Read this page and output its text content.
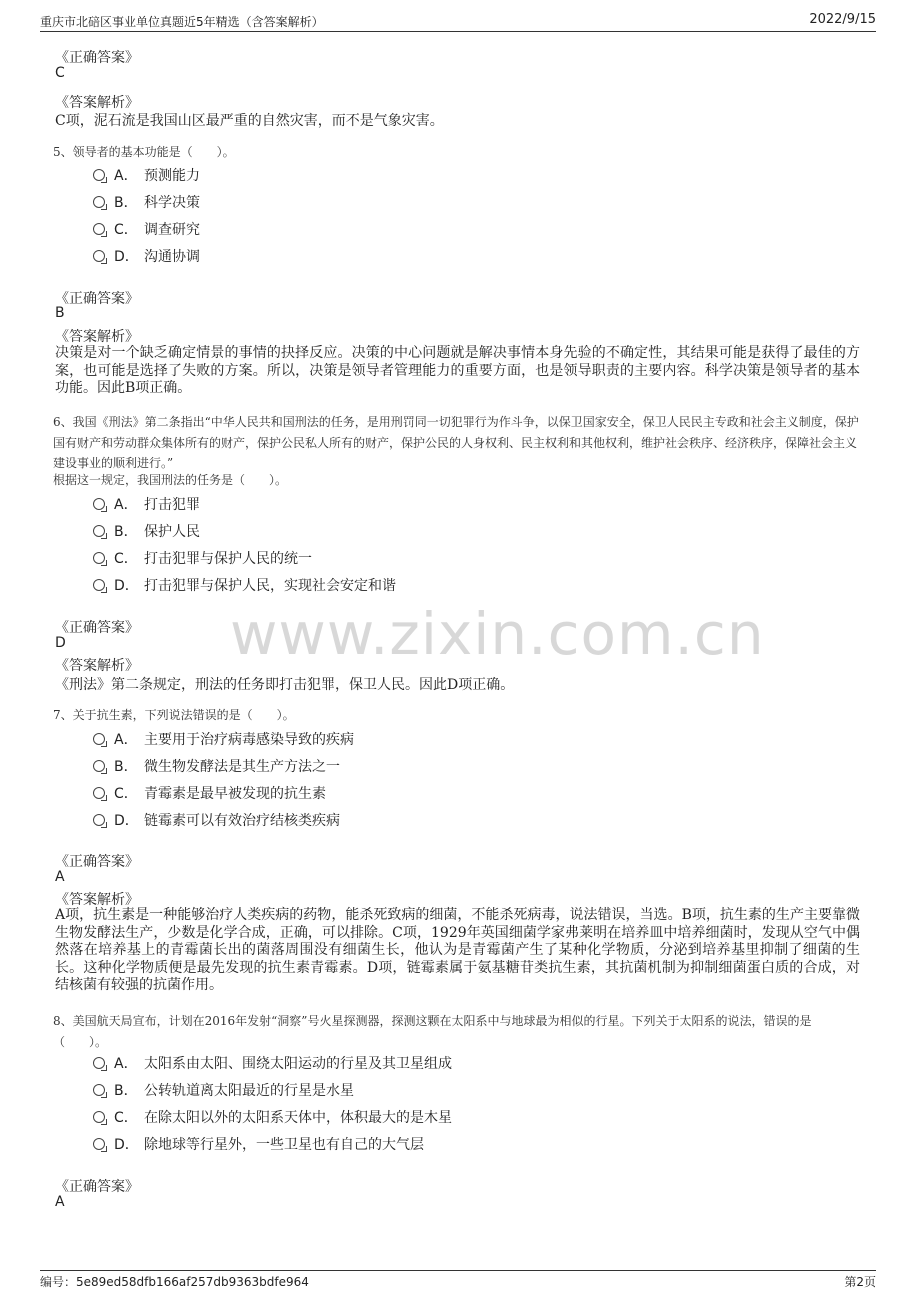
重庆市北碚区事业单位真题近5年精选（含答案解析）	2022/9/15
www.zixin.com.cn
《正确答案》
C
《答案解析》
C项，泥石流是我国山区最严重的自然灾害，而不是气象灾害。
5、领导者的基本功能是（　　）。
A． 预测能力
B． 科学决策
C． 调查研究
D． 沟通协调
《正确答案》
B
《答案解析》
决策是对一个缺乏确定情景的事情的抉择反应。决策的中心问题就是解决事情本身先验的不确定性，其结果可能是获得了最佳的方案，也可能是选择了失败的方案。所以，决策是领导者管理能力的重要方面，也是领导职责的主要内容。科学决策是领导者的基本功能。因此B项正确。
6、我国《刑法》第二条指出“中华人民共和国刑法的任务，是用刑罚同一切犯罪行为作斗争，以保卫国家安全，保卫人民民主专政和社会主义制度，保护国有财产和劳动群众集体所有的财产，保护公民私人所有的财产，保护公民的人身权利、民主权利和其他权利，维护社会秩序、经济秩序，保障社会主义建设事业的顺利进行。”
根据这一规定，我国刑法的任务是（　　）。
A． 打击犯罪
B． 保护人民
C． 打击犯罪与保护人民的统一
D． 打击犯罪与保护人民，实现社会安定和谐
《正确答案》
D
《答案解析》
《刑法》第二条规定，刑法的任务即打击犯罪，保卫人民。因此D项正确。
7、关于抗生素，下列说法错误的是（　　）。
A． 主要用于治疗病毒感染导致的疾病
B． 微生物发酵法是其生产方法之一
C． 青霉素是最早被发现的抗生素
D． 链霉素可以有效治疗结核类疾病
《正确答案》
A
《答案解析》
A项，抗生素是一种能够治疗人类疾病的药物，能杀死致病的细菌，不能杀死病毒，说法错误，当选。B项，抗生素的生产主要靠微生物发酵法生产，少数是化学合成，正确，可以排除。C项，1929年英国细菌学家弗莱明在培养皿中培养细菌时，发现从空气中偶然落在培养基上的青霉菌长出的菌落周围没有细菌生长，他认为是青霉菌产生了某种化学物质，分泌到培养基里抑制了细菌的生长。这种化学物质便是最先发现的抗生素青霉素。D项，链霉素属于氨基糖苷类抗生素，其抗菌机制为抑制细菌蛋白质的合成，对结核菌有较强的抗菌作用。
8、美国航天局宣布，计划在2016年发射“洞察”号火星探测器，探测这颗在太阳系中与地球最为相似的行星。下列关于太阳系的说法，错误的是（　　）。
A． 太阳系由太阳、围绕太阳运动的行星及其卫星组成
B． 公转轨道离太阳最近的行星是水星
C． 在除太阳以外的太阳系天体中，体积最大的是木星
D． 除地球等行星外，一些卫星也有自己的大气层
《正确答案》
A
编号：5e89ed58dfb166af257db9363bdfe964	第2页
